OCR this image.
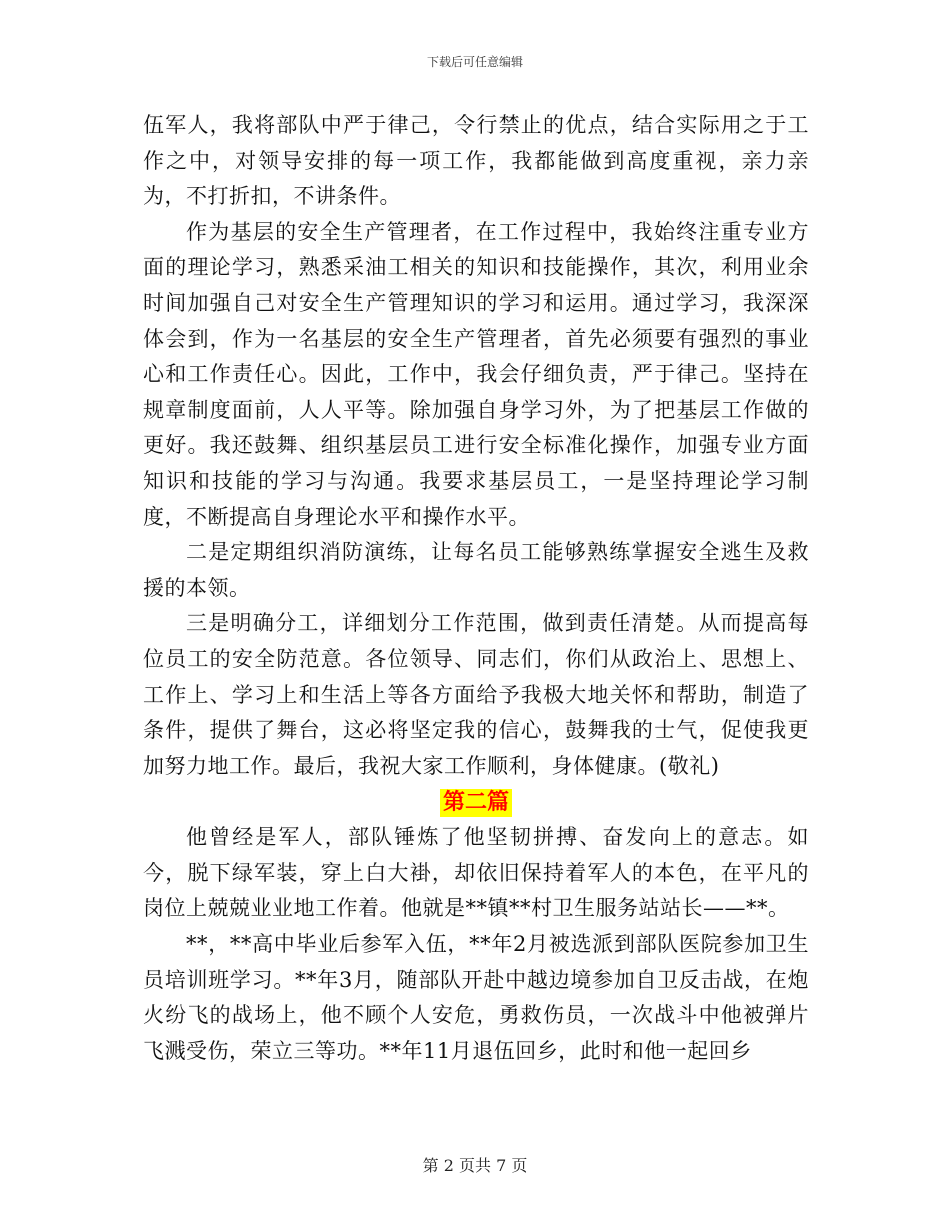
下载后可任意编辑

伍军人，我将部队中严于律己，令行禁止的优点，结合实际用之于工作之中，对领导安排的每一项工作，我都能做到高度重视，亲力亲为，不打折扣，不讲条件。

作为基层的安全生产管理者，在工作过程中，我始终注重专业方面的理论学习，熟悉采油工相关的知识和技能操作，其次，利用业余时间加强自己对安全生产管理知识的学习和运用。通过学习，我深深体会到，作为一名基层的安全生产管理者，首先必须要有强烈的事业心和工作责任心。因此，工作中，我会仔细负责，严于律己。坚持在规章制度面前，人人平等。除加强自身学习外，为了把基层工作做的更好。我还鼓舞、组织基层员工进行安全标准化操作，加强专业方面知识和技能的学习与沟通。我要求基层员工，一是坚持理论学习制度，不断提高自身理论水平和操作水平。

二是定期组织消防演练，让每名员工能够熟练掌握安全逃生及救援的本领。

三是明确分工，详细划分工作范围，做到责任清楚。从而提高每位员工的安全防范意。各位领导、同志们，你们从政治上、思想上、工作上、学习上和生活上等各方面给予我极大地关怀和帮助，制造了条件，提供了舞台，这必将坚定我的信心，鼓舞我的士气，促使我更加努力地工作。最后，我祝大家工作顺利，身体健康。(敬礼)

第二篇

他曾经是军人，部队锤炼了他坚韧拼搏、奋发向上的意志。如今，脱下绿军装，穿上白大褂，却依旧保持着军人的本色，在平凡的岗位上兢兢业业地工作着。他就是**镇**村卫生服务站站长——**。

**，**高中毕业后参军入伍，**年2月被选派到部队医院参加卫生员培训班学习。**年3月，随部队开赴中越边境参加自卫反击战，在炮火纷飞的战场上，他不顾个人安危，勇救伤员，一次战斗中他被弹片飞溅受伤，荣立三等功。**年11月退伍回乡，此时和他一起回乡

第 2 页共 7 页
